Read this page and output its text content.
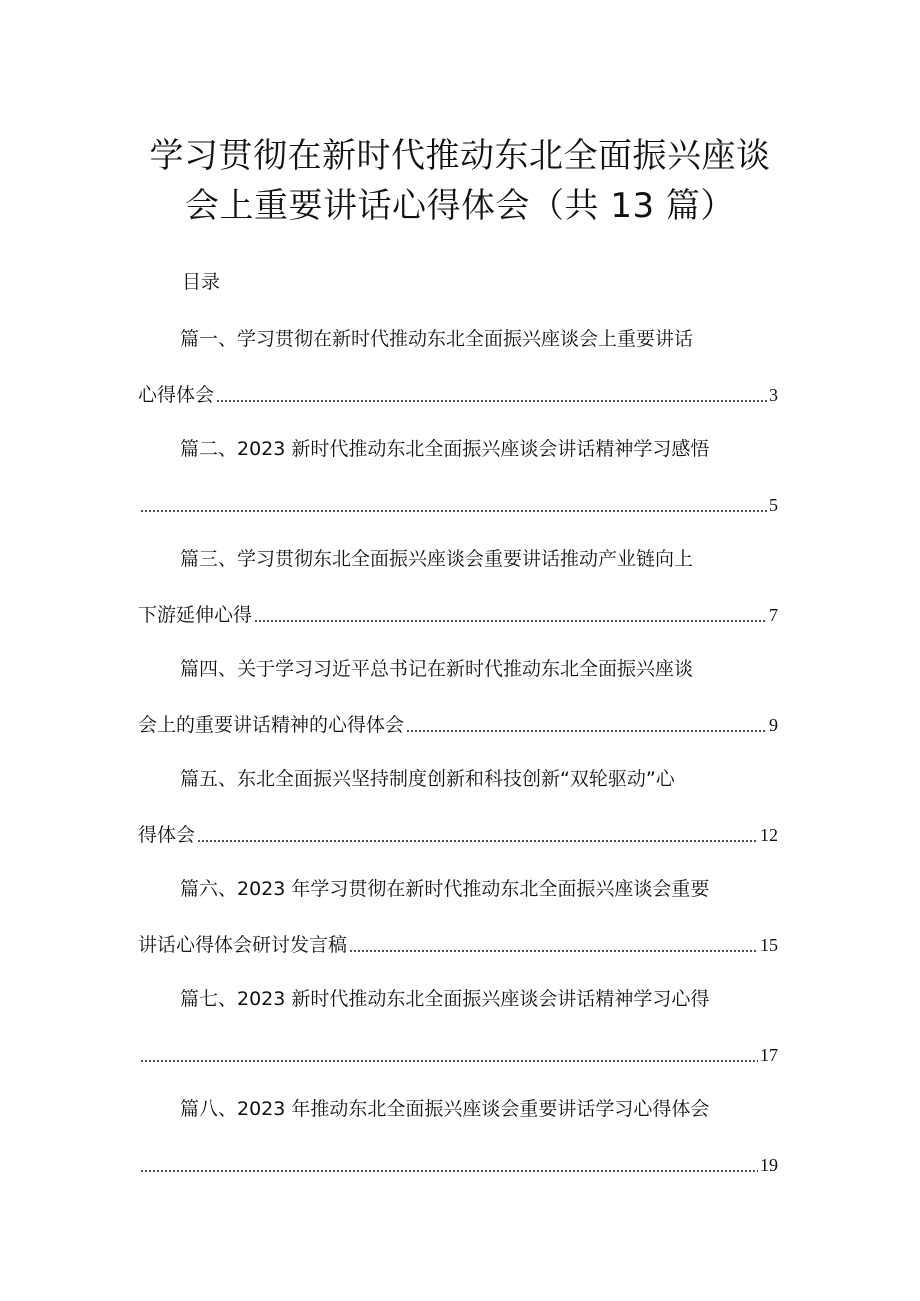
学习贯彻在新时代推动东北全面振兴座谈
会上重要讲话心得体会（共 13 篇）
目录
篇一、学习贯彻在新时代推动东北全面振兴座谈会上重要讲话
心得体会	3
篇二、2023 新时代推动东北全面振兴座谈会讲话精神学习感悟
5
篇三、学习贯彻东北全面振兴座谈会重要讲话推动产业链向上
下游延伸心得	7
篇四、关于学习习近平总书记在新时代推动东北全面振兴座谈
会上的重要讲话精神的心得体会	9
篇五、东北全面振兴坚持制度创新和科技创新“双轮驱动”心
得体会	12
篇六、2023 年学习贯彻在新时代推动东北全面振兴座谈会重要
讲话心得体会研讨发言稿	15
篇七、2023 新时代推动东北全面振兴座谈会讲话精神学习心得
17
篇八、2023 年推动东北全面振兴座谈会重要讲话学习心得体会
19
